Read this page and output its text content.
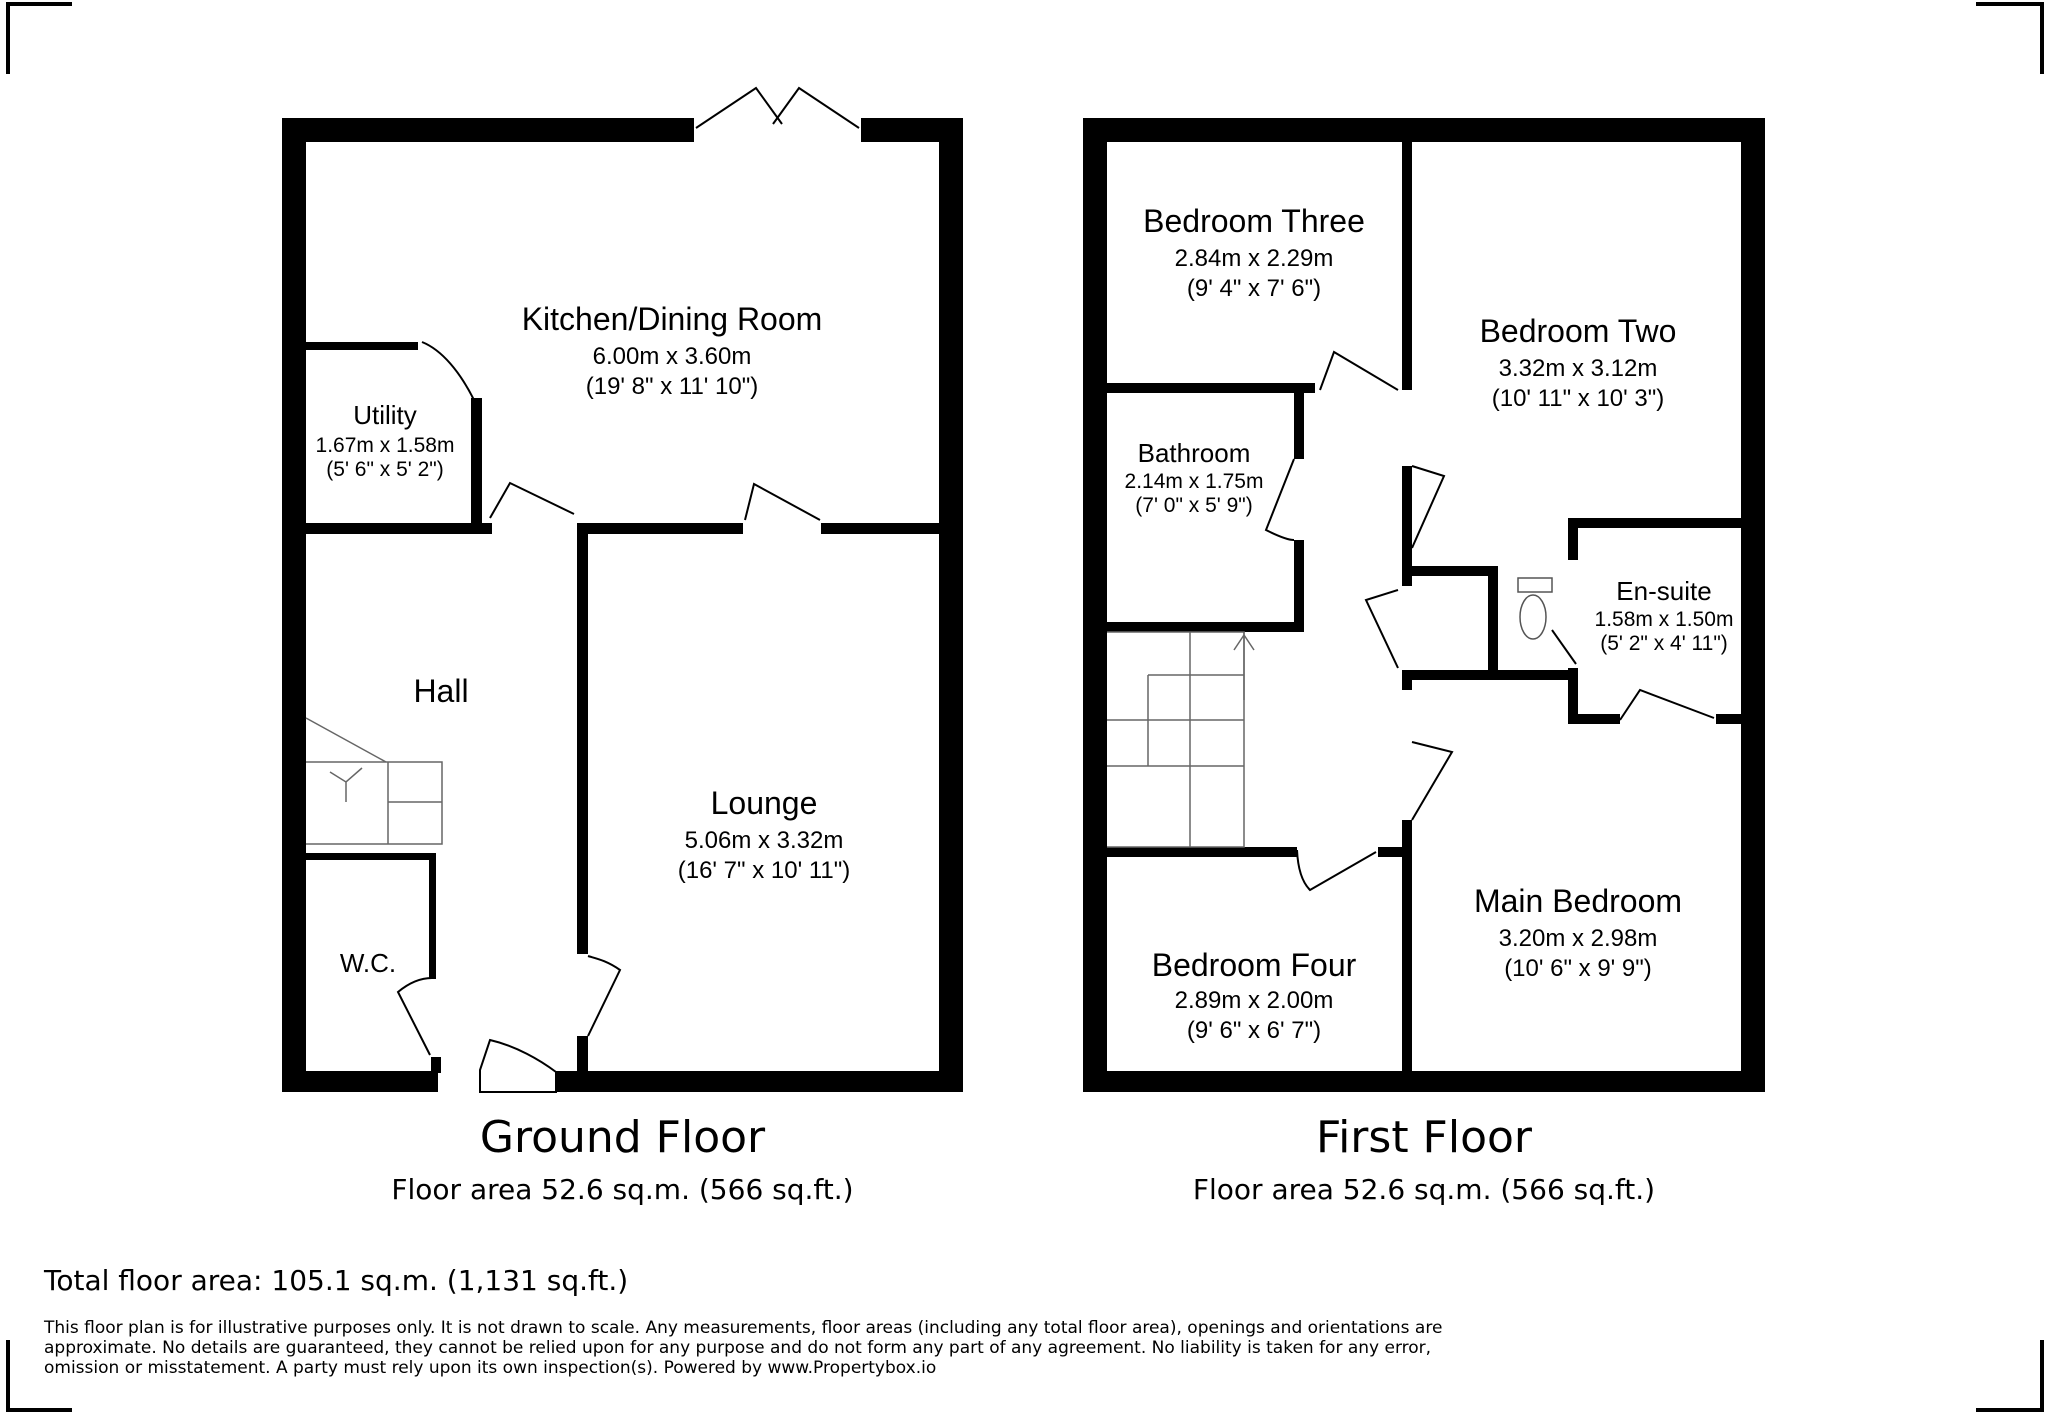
Kitchen/Dining Room
6.00m x 3.60m
(19' 8" x 11' 10")
Utility
1.67m x 1.58m
(5' 6" x 5' 2")
Hall
Lounge
5.06m x 3.32m
(16' 7" x 10' 11")
W.C.
Bedroom Three
2.84m x 2.29m
(9' 4" x 7' 6")
Bedroom Two
3.32m x 3.12m
(10' 11" x 10' 3")
Bathroom
2.14m x 1.75m
(7' 0" x 5' 9")
En-suite
1.58m x 1.50m
(5' 2" x 4' 11")
Main Bedroom
3.20m x 2.98m
(10' 6" x 9' 9")
Bedroom Four
2.89m x 2.00m
(9' 6" x 6' 7")
Ground Floor
Floor area 52.6 sq.m. (566 sq.ft.)
First Floor
Floor area 52.6 sq.m. (566 sq.ft.)
Total floor area: 105.1 sq.m. (1,131 sq.ft.)
This floor plan is for illustrative purposes only. It is not drawn to scale. Any measurements, floor areas (including any total floor area), openings and orientations are approximate. No details are guaranteed, they cannot be relied upon for any purpose and do not form any part of any agreement. No liability is taken for any error, omission or misstatement. A party must rely upon its own inspection(s). Powered by www.Propertybox.io
